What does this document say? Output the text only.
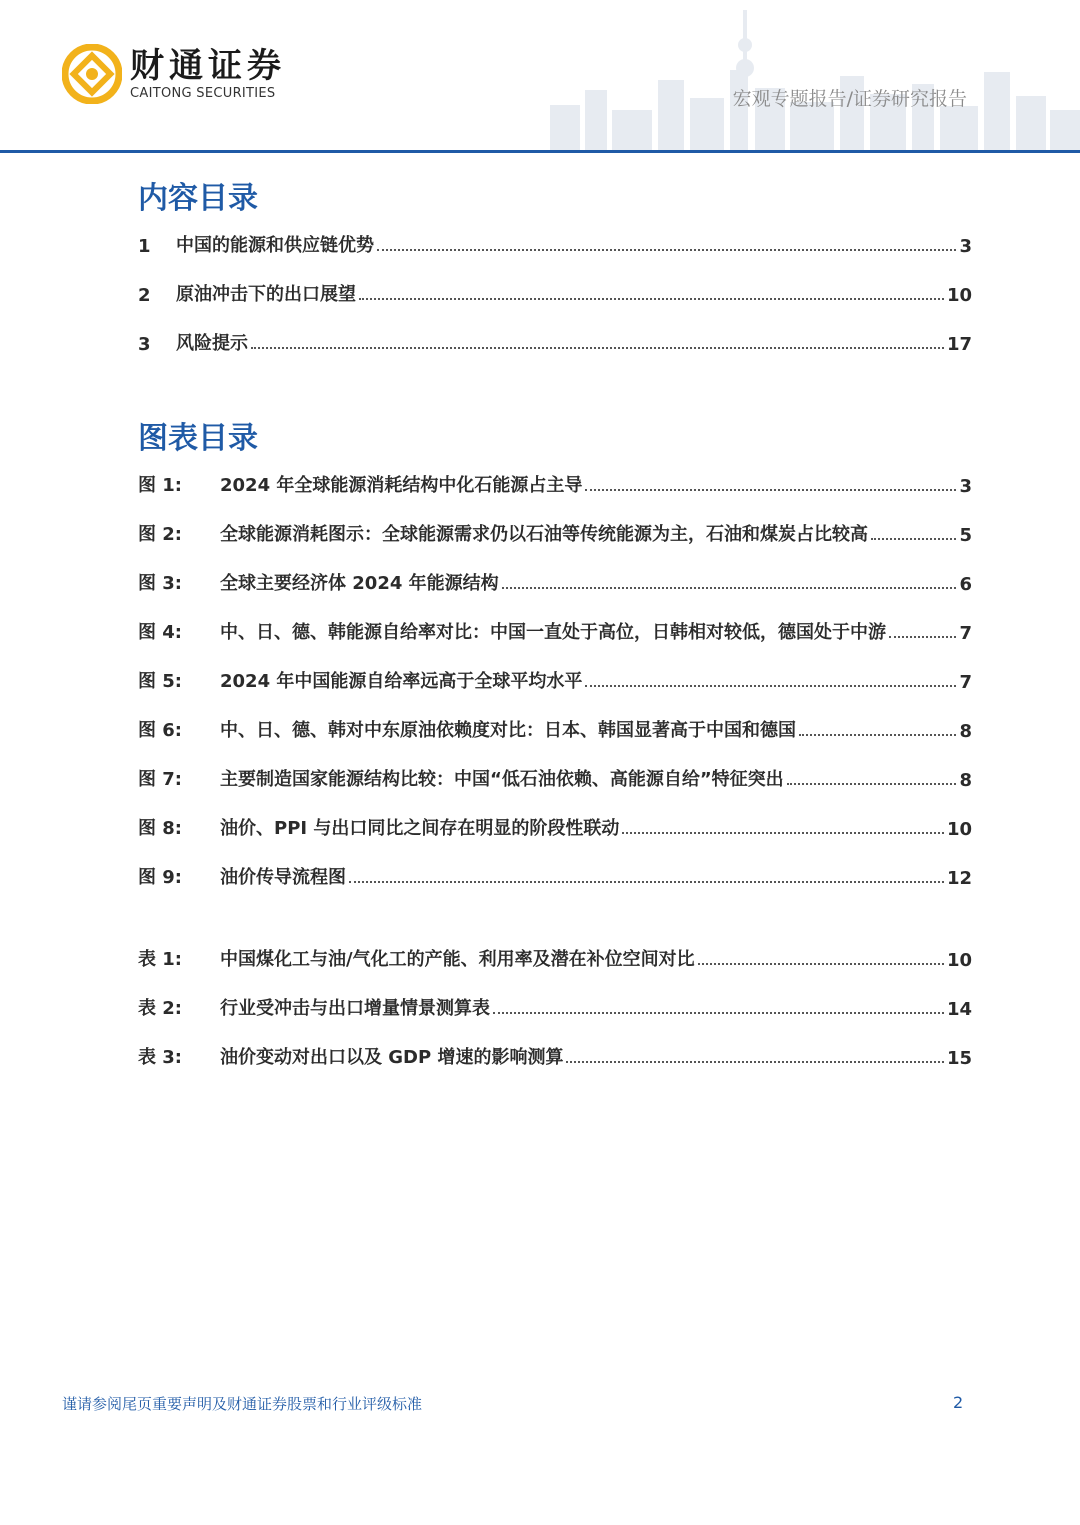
财通证券
CAITONG SECURITIES	宏观专题报告/证券研究报告
内容目录
1	中国的能源和供应链优势	3
2	原油冲击下的出口展望	10
3	风险提示	17
图表目录
图 1:	2024 年全球能源消耗结构中化石能源占主导	3
图 2:	全球能源消耗图示：全球能源需求仍以石油等传统能源为主，石油和煤炭占比较高	5
图 3:	全球主要经济体 2024 年能源结构	6
图 4:	中、日、德、韩能源自给率对比：中国一直处于高位，日韩相对较低，德国处于中游	7
图 5:	2024 年中国能源自给率远高于全球平均水平	7
图 6:	中、日、德、韩对中东原油依赖度对比：日本、韩国显著高于中国和德国	8
图 7:	主要制造国家能源结构比较：中国“低石油依赖、高能源自给”特征突出	8
图 8:	油价、PPI 与出口同比之间存在明显的阶段性联动	10
图 9:	油价传导流程图	12
表 1:	中国煤化工与油/气化工的产能、利用率及潜在补位空间对比	10
表 2:	行业受冲击与出口增量情景测算表	14
表 3:	油价变动对出口以及 GDP 增速的影响测算	15
谨请参阅尾页重要声明及财通证券股票和行业评级标准	2
